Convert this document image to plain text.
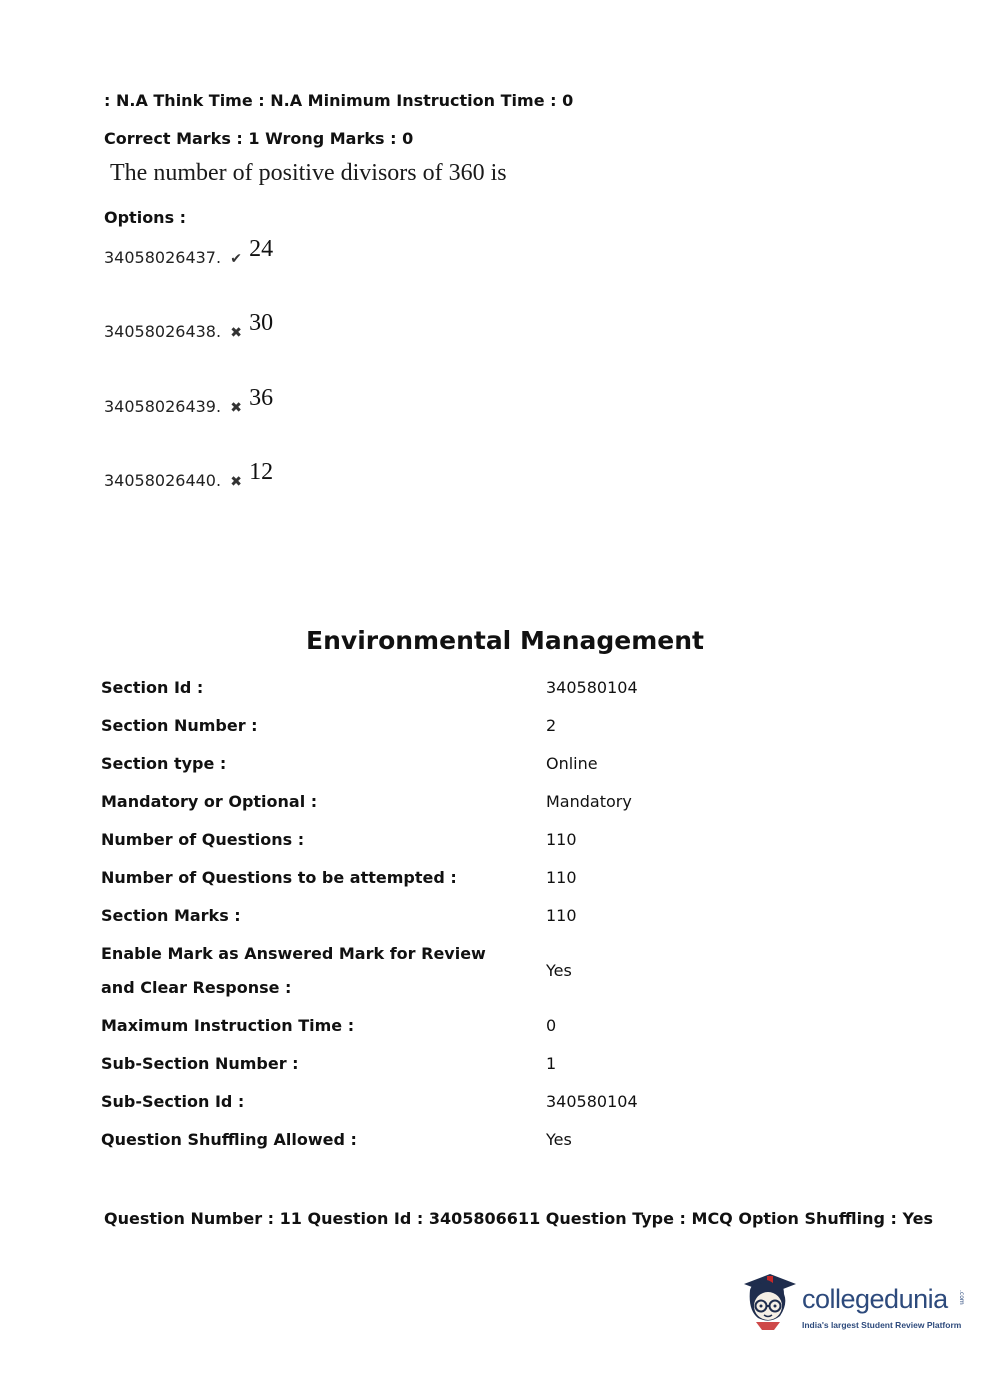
: N.A Think Time : N.A Minimum Instruction Time : 0
Correct Marks : 1 Wrong Marks : 0
The number of positive divisors of 360 is
Options :
34058026437. ✔ 24
34058026438. ✖ 30
34058026439. ✖ 36
34058026440. ✖ 12
Environmental Management
Section Id :	340580104
Section Number :	2
Section type :	Online
Mandatory or Optional :	Mandatory
Number of Questions :	110
Number of Questions to be attempted :	110
Section Marks :	110
Enable Mark as Answered Mark for Review and Clear Response :
Yes
Maximum Instruction Time :	0
Sub-Section Number :	1
Sub-Section Id :	340580104
Question Shuffling Allowed :	Yes
Question Number : 11 Question Id : 3405806611 Question Type : MCQ Option Shuffling : Yes
collegedunia .com
India's largest Student Review Platform
